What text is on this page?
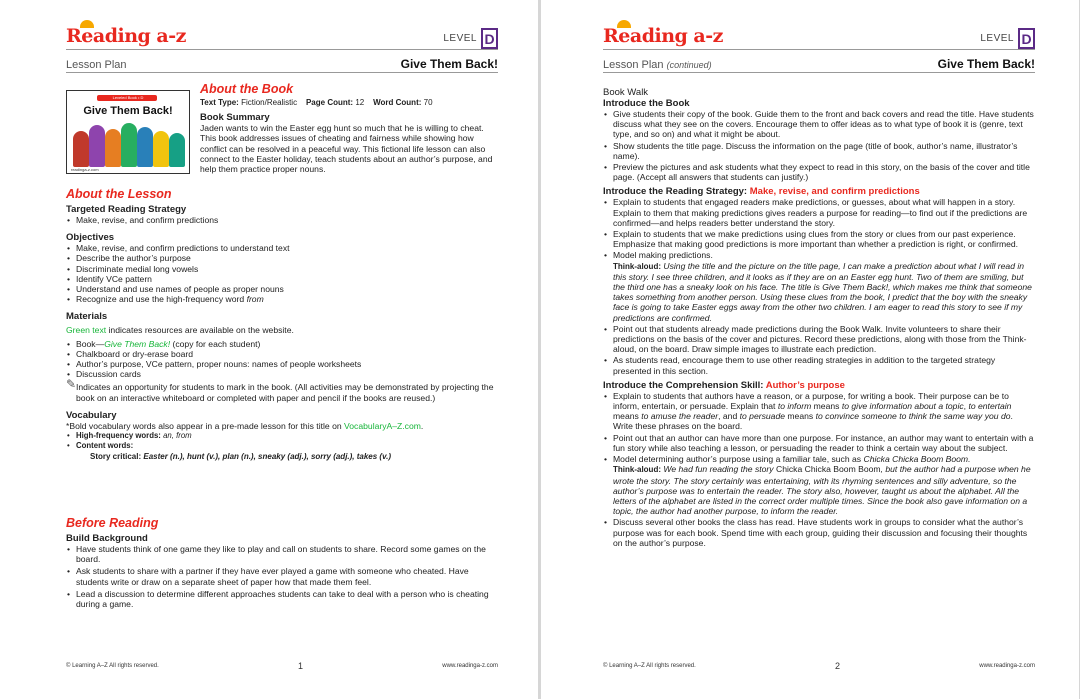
Reading a-z	LEVEL D
Lesson Plan	Give Them Back!
Leveled Book • D
Give Them Back!
readinga-z.com
About the Book
Text Type: Fiction/Realistic Page Count: 12 Word Count: 70
Book Summary
Jaden wants to win the Easter egg hunt so much that he is willing to cheat. This book addresses issues of cheating and fairness while showing how conflict can be resolved in a peaceful way. This fictional life lesson can also connect to the Easter holiday, teach students about an author’s purpose, and help them practice proper nouns.
About the Lesson
Targeted Reading Strategy
• Make, revise, and confirm predictions
Objectives
• Make, revise, and confirm predictions to understand text
• Describe the author’s purpose
• Discriminate medial long vowels
• Identify VCe pattern
• Understand and use names of people as proper nouns
• Recognize and use the high-frequency word from
Materials
Green text indicates resources are available on the website.
• Book—Give Them Back! (copy for each student)
• Chalkboard or dry-erase board
• Author’s purpose, VCe pattern, proper nouns: names of people worksheets
• Discussion cards
✎ Indicates an opportunity for students to mark in the book. (All activities may be demonstrated by projecting the book on an interactive whiteboard or completed with paper and pencil if the books are reused.)
Vocabulary
*Bold vocabulary words also appear in a pre-made lesson for this title on VocabularyA–Z.com.
• High-frequency words: an, from
• Content words:
Story critical: Easter (n.), hunt (v.), plan (n.), sneaky (adj.), sorry (adj.), takes (v.)
Before Reading
Build Background
• Have students think of one game they like to play and call on students to share. Record some games on the board.
• Ask students to share with a partner if they have ever played a game with someone who cheated. Have students write or draw on a separate sheet of paper how that made them feel.
• Lead a discussion to determine different approaches students can take to deal with a person who is cheating during a game.
© Learning A–Z All rights reserved.	1	www.readinga-z.com
Reading a-z	LEVEL D
Lesson Plan (continued)	Give Them Back!
Book Walk
Introduce the Book
• Give students their copy of the book. Guide them to the front and back covers and read the title. Have students discuss what they see on the covers. Encourage them to offer ideas as to what type of book it is (genre, text type, and so on) and what it might be about.
• Show students the title page. Discuss the information on the page (title of book, author’s name, illustrator’s name).
• Preview the pictures and ask students what they expect to read in this story, on the basis of the cover and title page. (Accept all answers that students can justify.)
Introduce the Reading Strategy: Make, revise, and confirm predictions
• Explain to students that engaged readers make predictions, or guesses, about what will happen in a story. Explain to them that making predictions gives readers a purpose for reading—to find out if the predictions are confirmed—and helps readers better understand the story.
• Explain to students that we make predictions using clues from the story or clues from our past experience. Emphasize that making good predictions is more important than whether a prediction is right, or confirmed.
• Model making predictions.
Think-aloud: Using the title and the picture on the title page, I can make a prediction about what I will read in this story. I see three children, and it looks as if they are on an Easter egg hunt. Two of them are smiling, but the third one has a sneaky look on his face. The title is Give Them Back!, which makes me think that someone takes something from another person. Using these clues from the book, I predict that the boy with the sneaky face is going to take Easter eggs away from the other two children. I am eager to read this story to see if my predictions are confirmed.
• Point out that students already made predictions during the Book Walk. Invite volunteers to share their predictions on the basis of the cover and pictures. Record these predictions, along with those from the Think-aloud, on the board. Draw simple images to illustrate each prediction.
• As students read, encourage them to use other reading strategies in addition to the targeted strategy presented in this section.
Introduce the Comprehension Skill: Author’s purpose
• Explain to students that authors have a reason, or a purpose, for writing a book. Their purpose can be to inform, entertain, or persuade. Explain that to inform means to give information about a topic, to entertain means to amuse the reader, and to persuade means to convince someone to think the same way you do. Write these phrases on the board.
• Point out that an author can have more than one purpose. For instance, an author may want to entertain with a fun story while also teaching a lesson, or persuading the reader to think a certain way about the subject.
• Model determining author’s purpose using a familiar tale, such as Chicka Chicka Boom Boom.
Think-aloud: We had fun reading the story Chicka Chicka Boom Boom, but the author had a purpose when he wrote the story. The story certainly was entertaining, with its rhyming sentences and silly adventure, so the author’s purpose was to entertain the reader. The story also, however, taught us about the alphabet. All the letters of the alphabet are listed in the correct order multiple times. Since the book also gave information on a topic, the author had another purpose, to inform the reader.
• Discuss several other books the class has read. Have students work in groups to consider what the author’s purpose was for each book. Spend time with each group, guiding their discussion and focusing their thoughts on the author’s purpose.
© Learning A–Z All rights reserved.	2	www.readinga-z.com
